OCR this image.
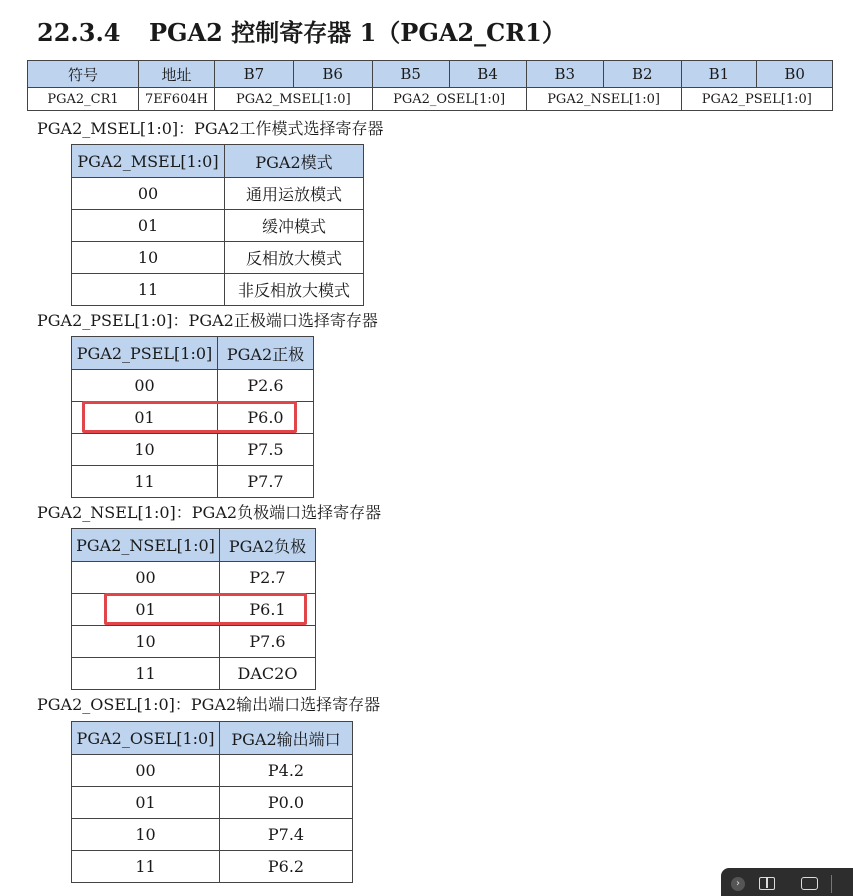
22.3.4 PGA2 控制寄存器 1（PGA2_CR1）
符号	地址	B7	B6	B5	B4	B3	B2	B1	B0
PGA2_CR1	7EF604H	PGA2_MSEL[1:0]		PGA2_OSEL[1:0]		PGA2_NSEL[1:0]		PGA2_PSEL[1:0]	
PGA2_MSEL[1:0]：PGA2工作模式选择寄存器
PGA2_MSEL[1:0]	PGA2模式
00	通用运放模式
01	缓冲模式
10	反相放大模式
11	非反相放大模式
PGA2_PSEL[1:0]：PGA2正极端口选择寄存器
PGA2_PSEL[1:0]	PGA2正极
00	P2.6
01	P6.0
10	P7.5
11	P7.7
PGA2_NSEL[1:0]：PGA2负极端口选择寄存器
PGA2_NSEL[1:0]	PGA2负极
00	P2.7
01	P6.1
10	P7.6
11	DAC2O
PGA2_OSEL[1:0]：PGA2输出端口选择寄存器
PGA2_OSEL[1:0]	PGA2输出端口
00	P4.2
01	P0.0
10	P7.4
11	P6.2
›
